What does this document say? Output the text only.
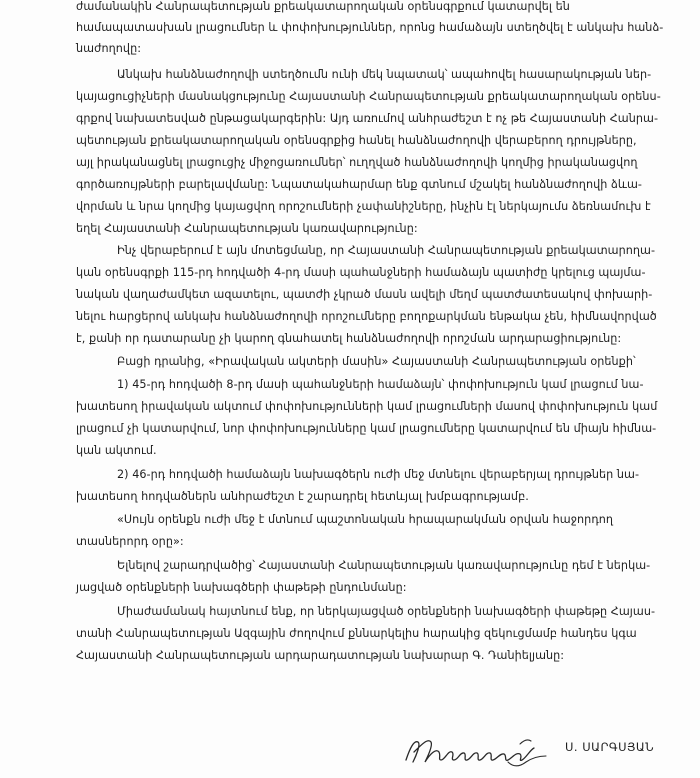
ժամանակին Հանրապետության քրեակատարողական օրենսգրքում կատարվել են
համապատասխան լրացումներ և փոփոխություններ, որոնց համաձայն ստեղծվել է անկախ հանձ-
նաժողովը:
Անկախ հանձնաժողովի ստեղծումն ունի մեկ նպատակ՝ ապահովել հասարակության ներ-
կայացուցիչների մասնակցությունը Հայաստանի Հանրապետության քրեակատարողական օրենս-
գրքով նախատեսված ընթացակարգերին: Այդ առումով անհրաժեշտ է ոչ թե Հայաստանի Հանրա-
պետության քրեակատարողական օրենսգրքից հանել հանձնաժողովի վերաբերող դրույթները,
այլ իրականացնել լրացուցիչ միջոցառումներ՝ ուղղված հանձնաժողովի կողմից իրականացվող
գործառույթների բարելավմանը: Նպատակահարմար ենք գտնում մշակել հանձնաժողովի ձևա-
վորման և նրա կողմից կայացվող որոշումների չափանիշները, ինչին էլ ներկայումս ձեռնամուխ է
եղել Հայաստանի Հանրապետության կառավարությունը:
Ինչ վերաբերում է այն մոտեցմանը, որ Հայաստանի Հանրապետության քրեակատարողա-
կան օրենսգրքի 115-րդ հոդվածի 4-րդ մասի պահանջների համաձայն պատիժը կրելուց պայմա-
նական վաղաժամկետ ազատելու, պատժի չկրած մասն ավելի մեղմ պատժատեսակով փոխարի-
նելու հարցերով անկախ հանձնաժողովի որոշումները բողոքարկման ենթակա չեն, հիմնավորված
է, քանի որ դատարանը չի կարող գնահատել հանձնաժողովի որոշման արդարացիությունը:
Բացի դրանից, «Իրավական ակտերի մասին» Հայաստանի Հանրապետության օրենքի՝
1) 45-րդ հոդվածի 8-րդ մասի պահանջների համաձայն՝ փոփոխություն կամ լրացում նա-
խատեսող իրավական ակտում փոփոխությունների կամ լրացումների մասով փոփոխություն կամ
լրացում չի կատարվում, նոր փոփոխությունները կամ լրացումները կատարվում են միայն հիմնա-
կան ակտում.
2) 46-րդ հոդվածի համաձայն նախագծերն ուժի մեջ մտնելու վերաբերյալ դրույթներ նա-
խատեսող հոդվածներն անհրաժեշտ է շարադրել հետևյալ խմբագրությամբ.
«Սույն օրենքն ուժի մեջ է մտնում պաշտոնական հրապարակման օրվան հաջորդող
տասներորդ օրը»:
Ելնելով շարադրվածից՝ Հայաստանի Հանրապետության կառավարությունը դեմ է ներկա-
յացված օրենքների նախագծերի փաթեթի ընդունմանը:
Միաժամանակ հայտնում ենք, որ ներկայացված օրենքների նախագծերի փաթեթը Հայաս-
տանի Հանրապետության Ազգային ժողովում քննարկելիս հարակից զեկուցմամբ հանդես կգա
Հայաստանի Հանրապետության արդարադատության նախարար Գ. Դանիելյանը:
Ս. ՍԱՐԳՍՅԱՆ
